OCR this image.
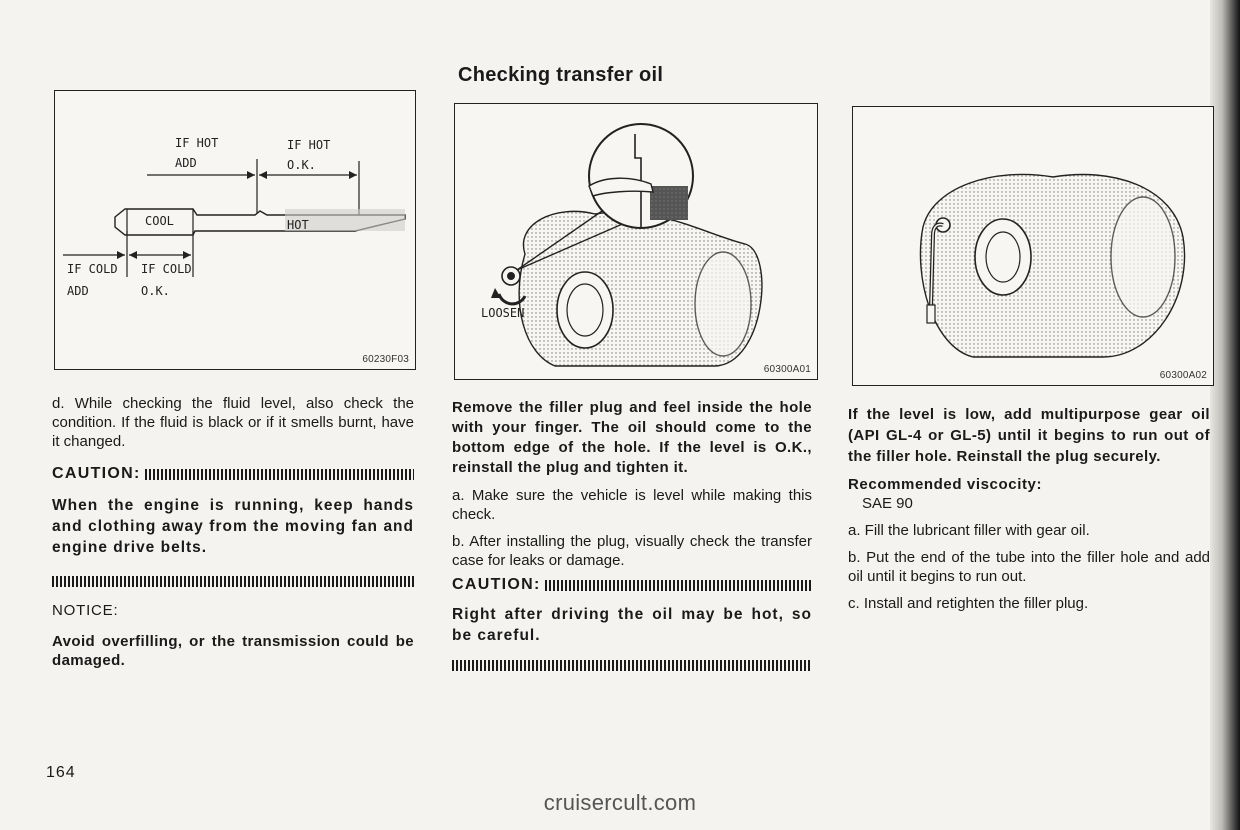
Checking transfer oil
IF HOT
ADD
IF HOT
O.K.
COOL	HOT
IF COLD
ADD
IF COLD
O.K.
60230F03
LOOSEN
60300A01
60300A02

d. While checking the fluid level, also check the condition. If the fluid is black or if it smells burnt, have it changed.

CAUTION:

When the engine is running, keep hands and clothing away from the moving fan and engine drive belts.

NOTICE:

Avoid overfilling, or the transmission could be damaged.

Remove the filler plug and feel inside the hole with your finger. The oil should come to the bottom edge of the hole. If the level is O.K., reinstall the plug and tighten it.

a. Make sure the vehicle is level while making this check.

b. After installing the plug, visually check the transfer case for leaks or damage.

CAUTION:

Right after driving the oil may be hot, so be careful.

If the level is low, add multipurpose gear oil (API GL-4 or GL-5) until it begins to run out of the filler hole. Reinstall the plug securely.

Recommended viscocity:

SAE 90

a. Fill the lubricant filler with gear oil.

b. Put the end of the tube into the filler hole and add oil until it begins to run out.

c. Install and retighten the filler plug.

164
cruisercult.com
